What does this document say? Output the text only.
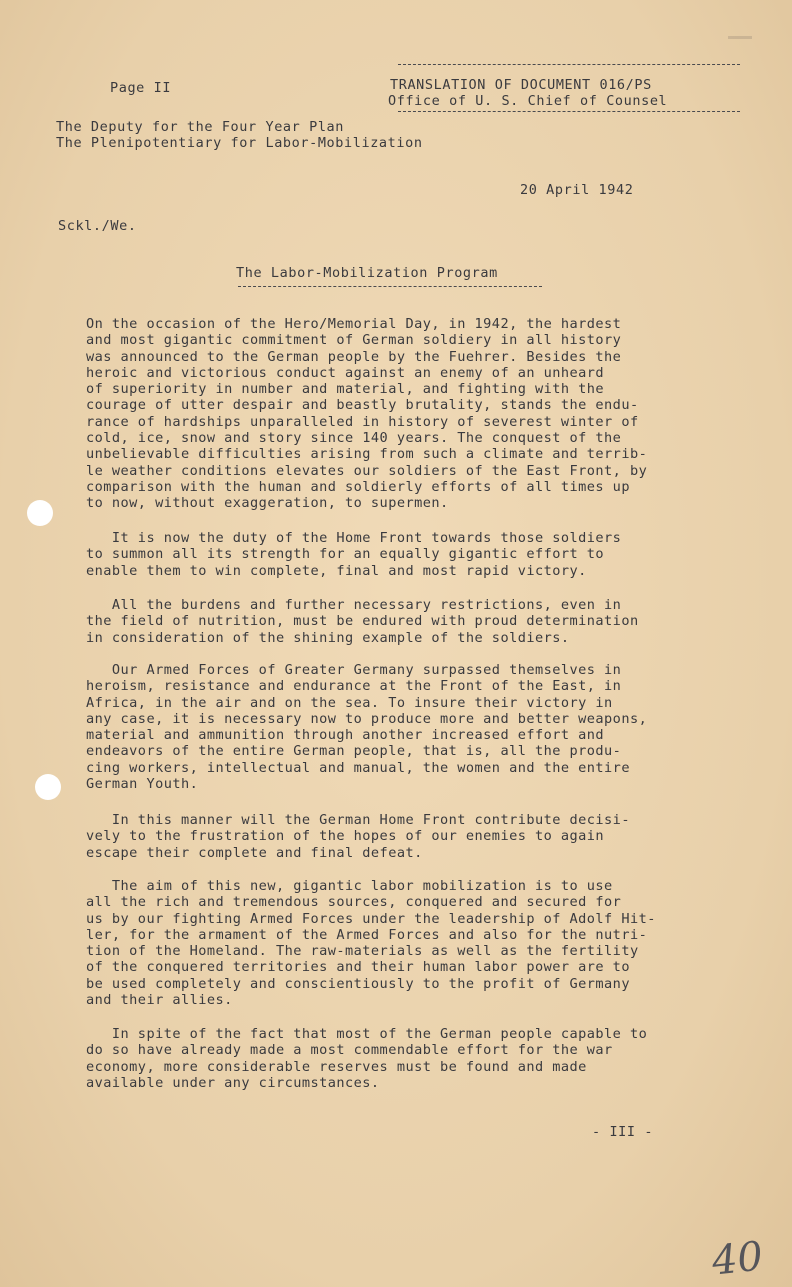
Page II	TRANSLATION OF DOCUMENT 016/PS
Office of U. S. Chief of Counsel
The Deputy for the Four Year Plan
The Plenipotentiary for Labor-Mobilization
20 April 1942
Sckl./We.
The Labor-Mobilization Program
On the occasion of the Hero/Memorial Day, in 1942, the hardest
and most gigantic commitment of German soldiery in all history
was announced to the German people by the Fuehrer. Besides the
heroic and victorious conduct against an enemy of an unheard
of superiority in number and material, and fighting with the
courage of utter despair and beastly brutality, stands the endu-
rance of hardships unparalleled in history of severest winter of
cold, ice, snow and story since 140 years. The conquest of the
unbelievable difficulties arising from such a climate and terrib-
le weather conditions elevates our soldiers of the East Front, by
comparison with the human and soldierly efforts of all times up
to now, without exaggeration, to supermen.
It is now the duty of the Home Front towards those soldiers
to summon all its strength for an equally gigantic effort to
enable them to win complete, final and most rapid victory.
All the burdens and further necessary restrictions, even in
the field of nutrition, must be endured with proud determination
in consideration of the shining example of the soldiers.
Our Armed Forces of Greater Germany surpassed themselves in
heroism, resistance and endurance at the Front of the East, in
Africa, in the air and on the sea. To insure their victory in
any case, it is necessary now to produce more and better weapons,
material and ammunition through another increased effort and
endeavors of the entire German people, that is, all the produ-
cing workers, intellectual and manual, the women and the entire
German Youth.
In this manner will the German Home Front contribute decisi-
vely to the frustration of the hopes of our enemies to again
escape their complete and final defeat.
The aim of this new, gigantic labor mobilization is to use
all the rich and tremendous sources, conquered and secured for
us by our fighting Armed Forces under the leadership of Adolf Hit-
ler, for the armament of the Armed Forces and also for the nutri-
tion of the Homeland. The raw-materials as well as the fertility
of the conquered territories and their human labor power are to
be used completely and conscientiously to the profit of Germany
and their allies.
In spite of the fact that most of the German people capable to
do so have already made a most commendable effort for the war
economy, more considerable reserves must be found and made
available under any circumstances.
- III -
40
